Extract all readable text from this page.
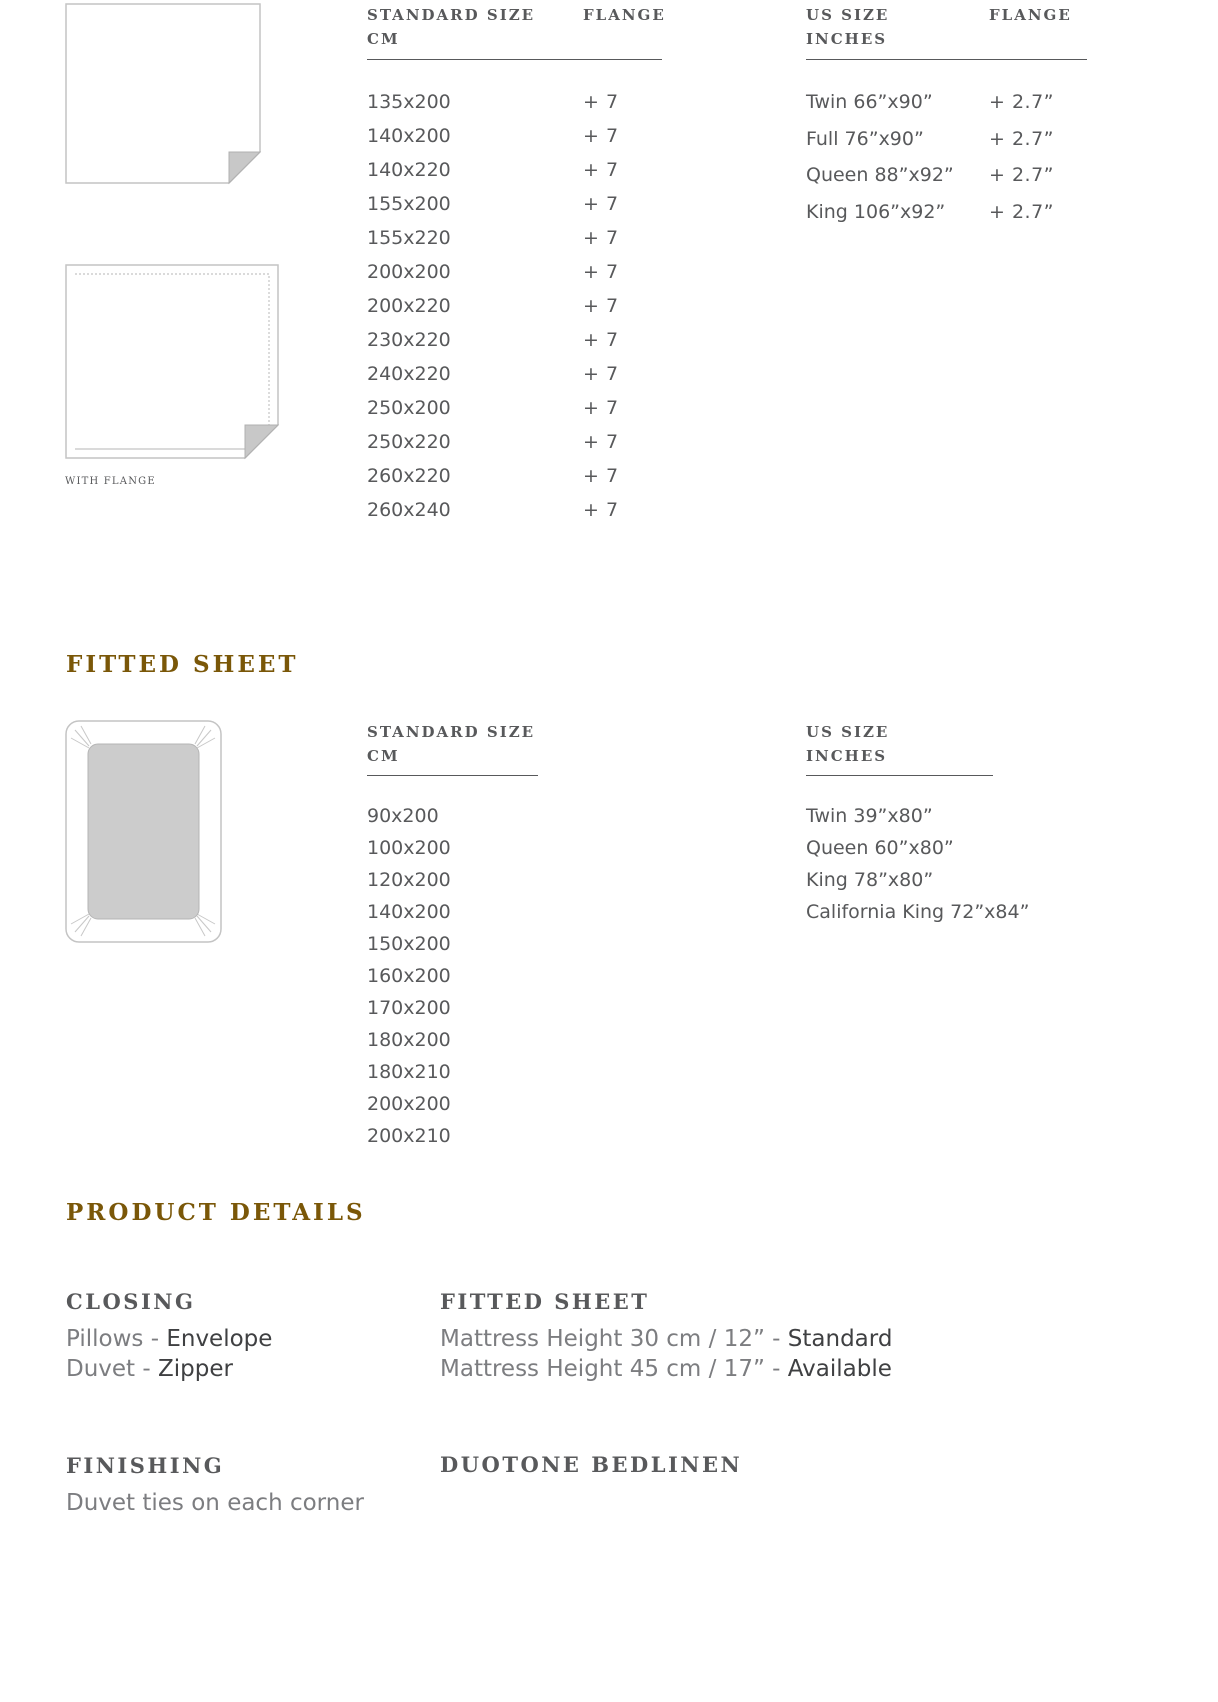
WITH FLANGE
STANDARD SIZE
CM
FLANGE
135x200
140x200
140x220
155x200
155x220
200x200
200x220
230x220
240x220
250x200
250x220
260x220
260x240
+ 7
+ 7
+ 7
+ 7
+ 7
+ 7
+ 7
+ 7
+ 7
+ 7
+ 7
+ 7
+ 7
US SIZE
INCHES
FLANGE
Twin 66”x90”
Full 76”x90”
Queen 88”x92”
King 106”x92”
+ 2.7”
+ 2.7”
+ 2.7”
+ 2.7”
FITTED SHEET
STANDARD SIZE
CM
90x200
100x200
120x200
140x200
150x200
160x200
170x200
180x200
180x210
200x200
200x210
US SIZE
INCHES
Twin 39”x80”
Queen 60”x80”
King 78”x80”
California King 72”x84”
PRODUCT DETAILS
CLOSING
Pillows - Envelope
Duvet - Zipper
FITTED SHEET
Mattress Height 30 cm / 12” - Standard
Mattress Height 45 cm / 17” - Available
FINISHING
Duvet ties on each corner
DUOTONE BEDLINEN
